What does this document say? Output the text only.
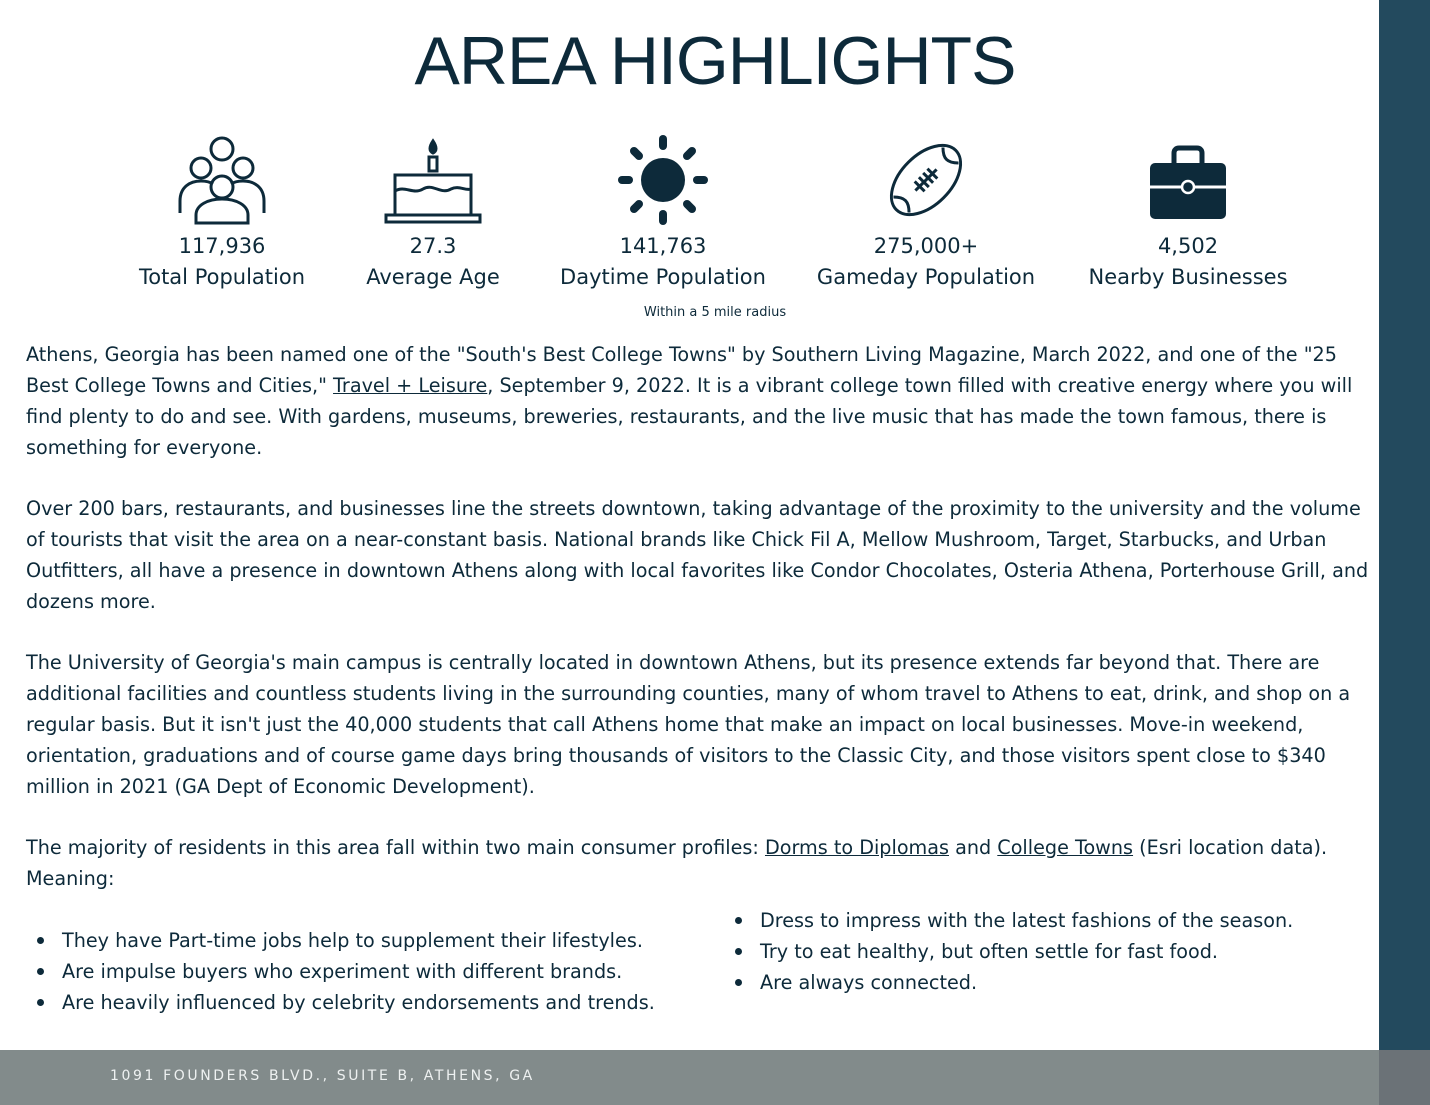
AREA HIGHLIGHTS
117,936
Total Population
27.3
Average Age
141,763
Daytime Population
275,000+
Gameday Population
4,502
Nearby Businesses
Within a 5 mile radius

Athens, Georgia has been named one of the "South's Best College Towns" by Southern Living Magazine, March 2022, and one of the "25 Best College Towns and Cities," Travel + Leisure, September 9, 2022. It is a vibrant college town filled with creative energy where you will find plenty to do and see. With gardens, museums, breweries, restaurants, and the live music that has made the town famous, there is something for everyone.

Over 200 bars, restaurants, and businesses line the streets downtown, taking advantage of the proximity to the university and the volume of tourists that visit the area on a near-constant basis. National brands like Chick Fil A, Mellow Mushroom, Target, Starbucks, and Urban Outfitters, all have a presence in downtown Athens along with local favorites like Condor Chocolates, Osteria Athena, Porterhouse Grill, and dozens more.

The University of Georgia's main campus is centrally located in downtown Athens, but its presence extends far beyond that. There are additional facilities and countless students living in the surrounding counties, many of whom travel to Athens to eat, drink, and shop on a regular basis. But it isn't just the 40,000 students that call Athens home that make an impact on local businesses. Move-in weekend, orientation, graduations and of course game days bring thousands of visitors to the Classic City, and those visitors spent close to $340 million in 2021 (GA Dept of Economic Development).

The majority of residents in this area fall within two main consumer profiles: Dorms to Diplomas and College Towns (Esri location data). Meaning:

They have Part-time jobs help to supplement their lifestyles.
Are impulse buyers who experiment with different brands.
Are heavily influenced by celebrity endorsements and trends.
Dress to impress with the latest fashions of the season.
Try to eat healthy, but often settle for fast food.
Are always connected.
1091 FOUNDERS BLVD., SUITE B, ATHENS, GA
